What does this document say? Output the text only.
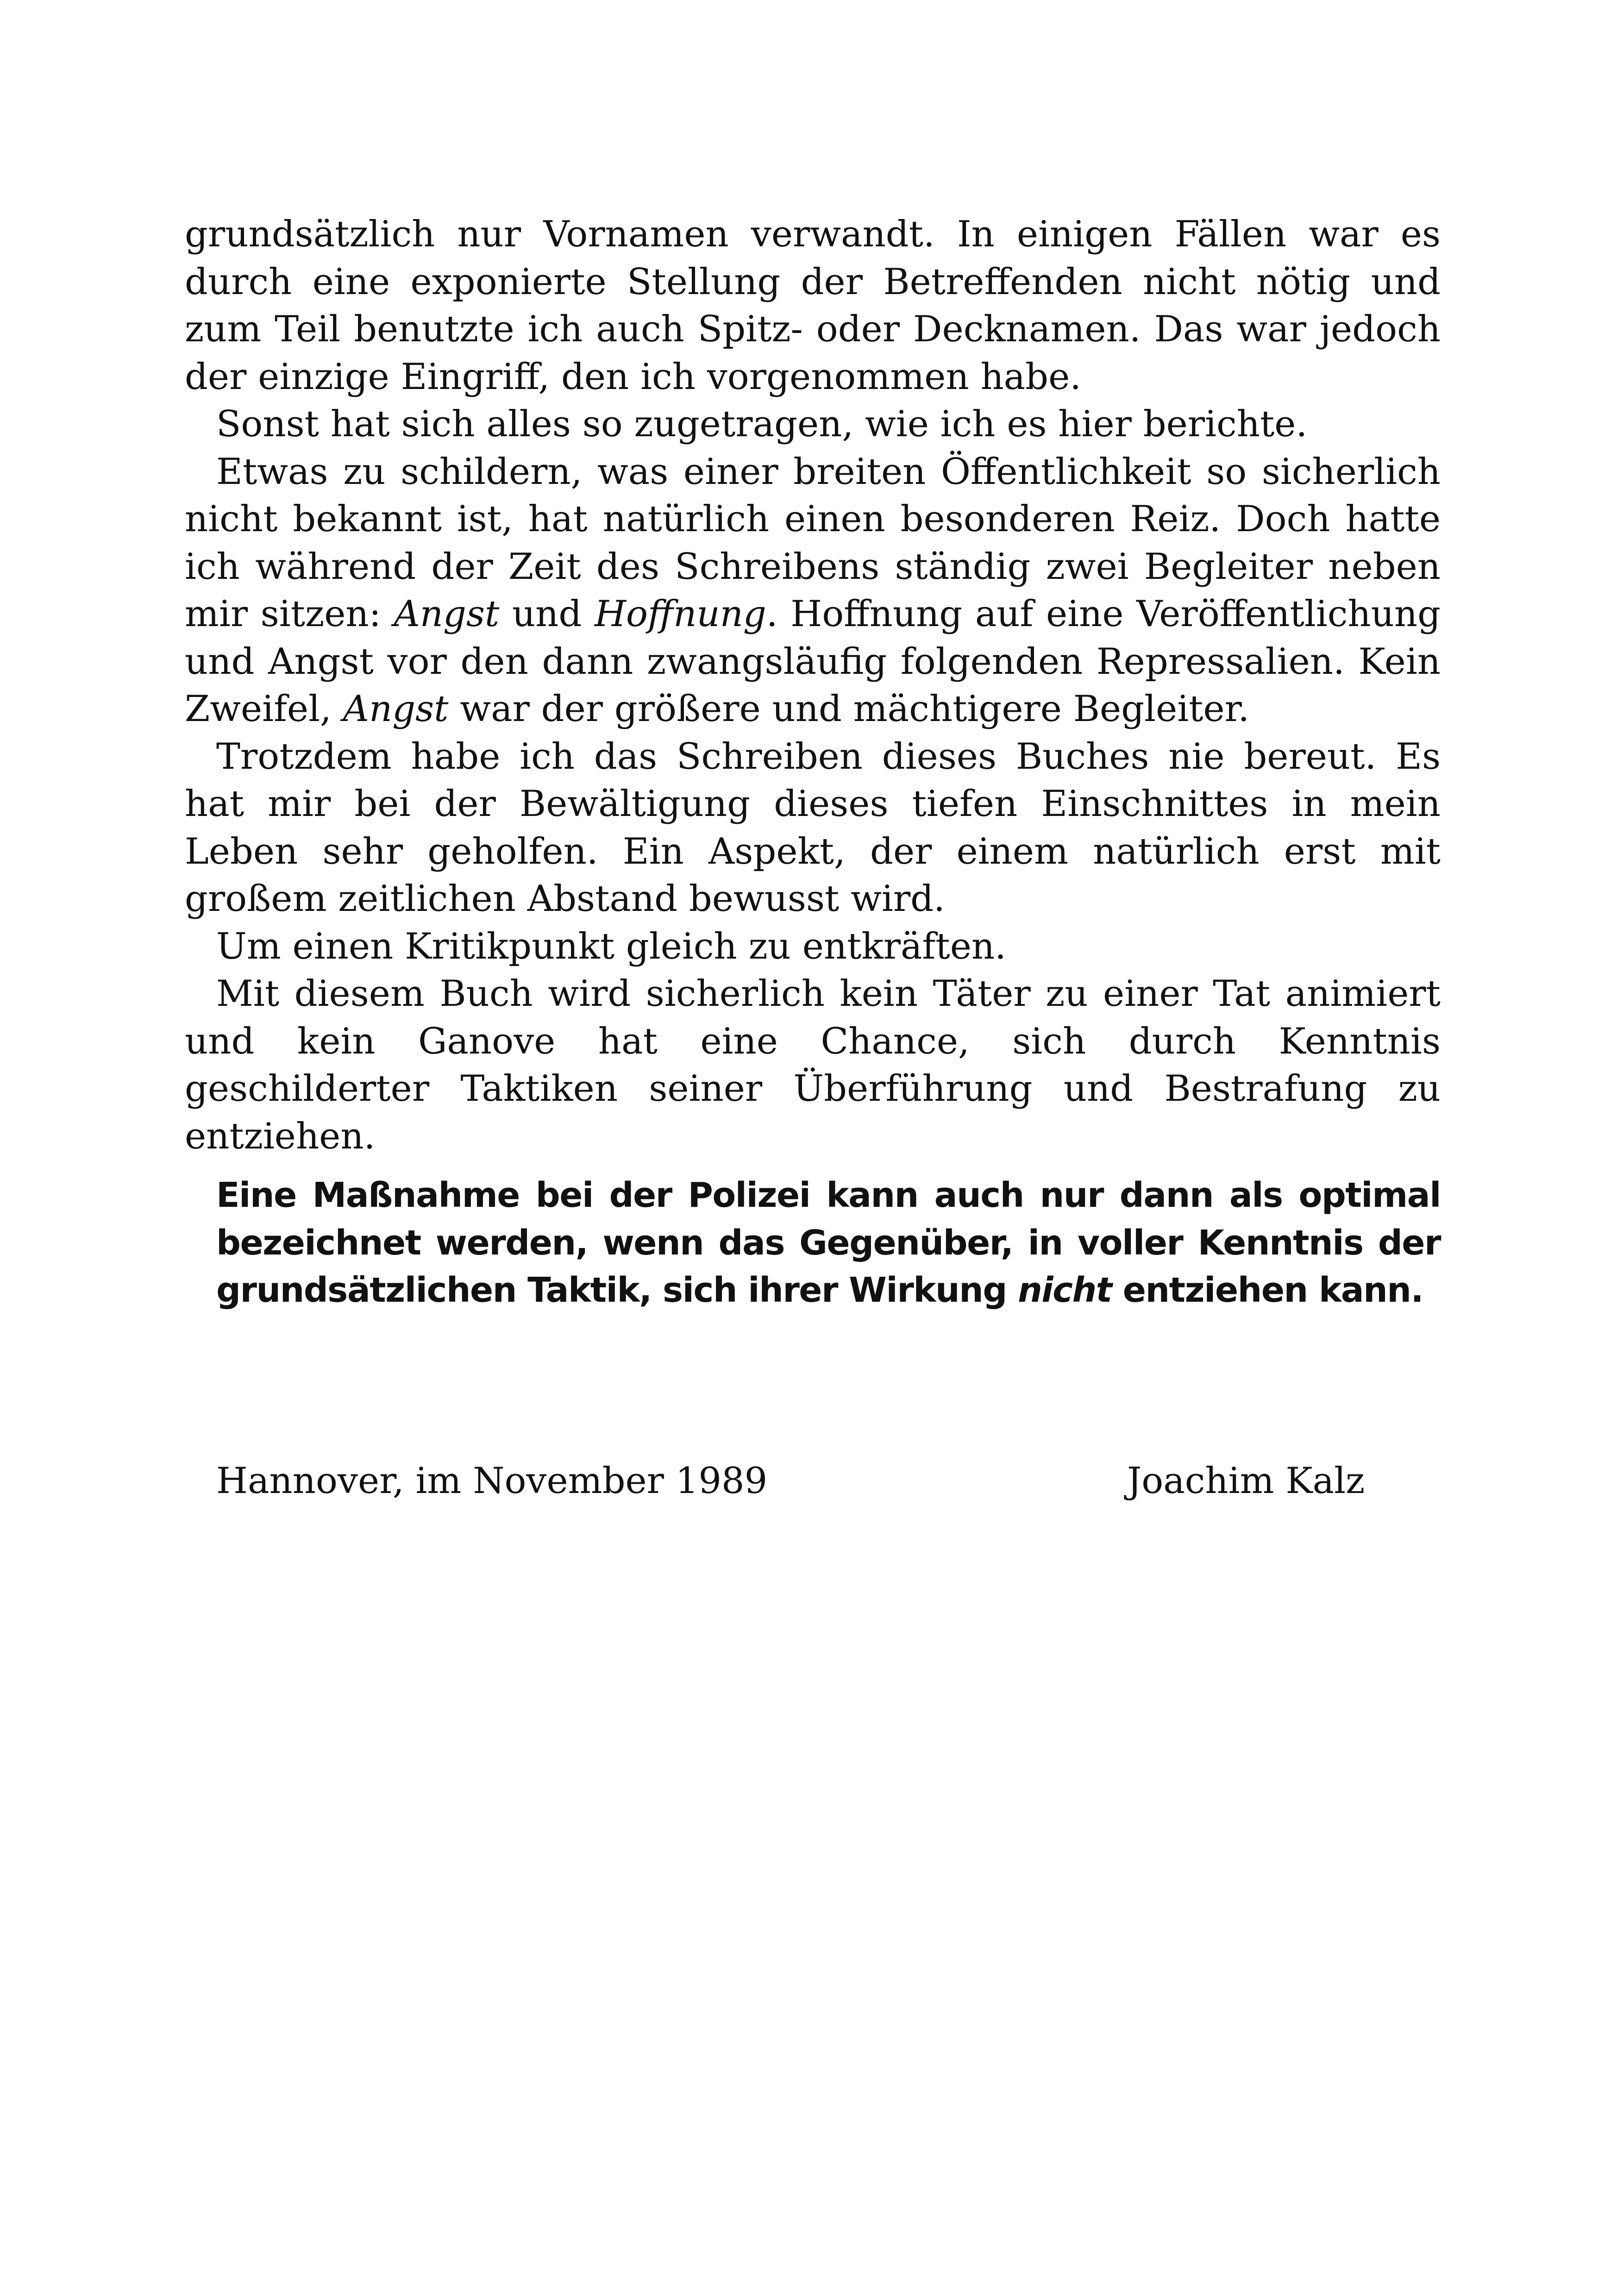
grundsätzlich nur Vornamen verwandt. In einigen Fällen war es durch eine exponierte Stellung der Betreffenden nicht nötig und zum Teil benutzte ich auch Spitz- oder Decknamen. Das war jedoch der einzige Eingriff, den ich vorgenommen habe.

Sonst hat sich alles so zugetragen, wie ich es hier berichte.

Etwas zu schildern, was einer breiten Öffentlichkeit so sicherlich nicht bekannt ist, hat natürlich einen besonderen Reiz. Doch hatte ich während der Zeit des Schreibens ständig zwei Begleiter neben mir sitzen: Angst und Hoffnung. Hoffnung auf eine Veröffentlichung und Angst vor den dann zwangsläufig folgenden Repressalien. Kein Zweifel, Angst war der größere und mächtigere Begleiter.

Trotzdem habe ich das Schreiben dieses Buches nie bereut. Es hat mir bei der Bewältigung dieses tiefen Einschnittes in mein Leben sehr geholfen. Ein Aspekt, der einem natürlich erst mit großem zeitlichen Abstand bewusst wird.

Um einen Kritikpunkt gleich zu entkräften.

Mit diesem Buch wird sicherlich kein Täter zu einer Tat animiert und kein Ganove hat eine Chance, sich durch Kenntnis geschilderter Taktiken seiner Überführung und Bestrafung zu entziehen.

Eine Maßnahme bei der Polizei kann auch nur dann als optimal bezeichnet werden, wenn das Gegenüber, in voller Kenntnis der grundsätzlichen Taktik, sich ihrer Wirkung nicht entziehen kann.
Hannover, im November 1989	Joachim Kalz
